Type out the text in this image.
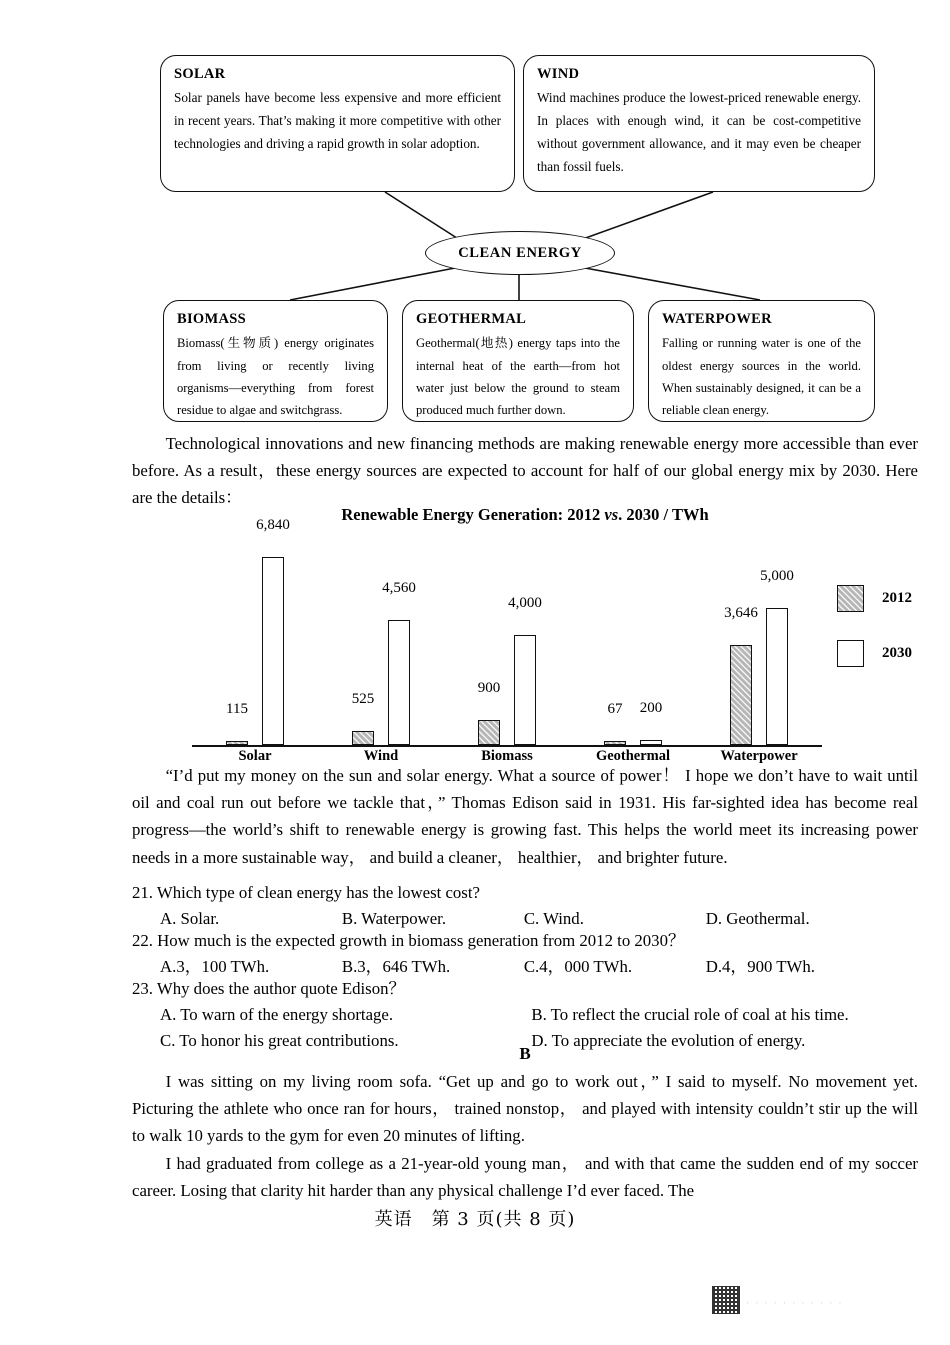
SOLAR
Solar panels have become less expensive and more efficient in recent years. That’s making it more competitive with other technologies and driving a rapid growth in solar adoption.
WIND
Wind machines produce the lowest-priced renewable energy. In places with enough wind, it can be cost-competitive without government allowance, and it may even be cheaper than fossil fuels.
CLEAN ENERGY
BIOMASS
Biomass(生物质) energy originates from living or recently living organisms—everything from forest residue to algae and switchgrass.
GEOTHERMAL
Geothermal(地热) energy taps into the internal heat of the earth—from hot water just below the ground to steam produced much further down.
WATERPOWER
Falling or running water is one of the oldest energy sources in the world. When sustainably designed, it can be a reliable clean energy.

Technological innovations and new financing methods are making renewable energy more accessible than ever before. As a result，these energy sources are expected to account for half of our global energy mix by 2030. Here are the details：

Renewable Energy Generation: 2012 vs. 2030 / TWh
115
6,840
Solar
525
4,560
Wind
900
4,000
Biomass
67 200
Geothermal
3,646
5,000
Waterpower
2012
2030

“I’d put my money on the sun and solar energy. What a source of power！ I hope we don’t have to wait until oil and coal run out before we tackle that，” Thomas Edison said in 1931. His far-sighted idea has become real progress—the world’s shift to renewable energy is growing fast. This helps the world meet its increasing power needs in a more sustainable way， and build a cleaner， healthier， and brighter future.

21. Which type of clean energy has the lowest cost?
A. Solar.	B. Waterpower.	C. Wind.	D. Geothermal.
22. How much is the expected growth in biomass generation from 2012 to 2030？
A.3，100 TWh.	B.3，646 TWh.	C.4，000 TWh.	D.4，900 TWh.
23. Why does the author quote Edison？
A. To warn of the energy shortage.	B. To reflect the crucial role of coal at his time.
C. To honor his great contributions.	D. To appreciate the evolution of energy.
B

I was sitting on my living room sofa. “Get up and go to work out，” I said to myself. No movement yet. Picturing the athlete who once ran for hours， trained nonstop， and played with intensity couldn’t stir up the will to walk 10 yards to the gym for even 20 minutes of lifting.

I had graduated from college as a 21-year-old young man， and with that came the sudden end of my soccer career. Losing that clarity hit harder than any physical challenge I’d ever faced. The

英语　第 3 页(共 8 页)
· · · · · · · · · · ·
